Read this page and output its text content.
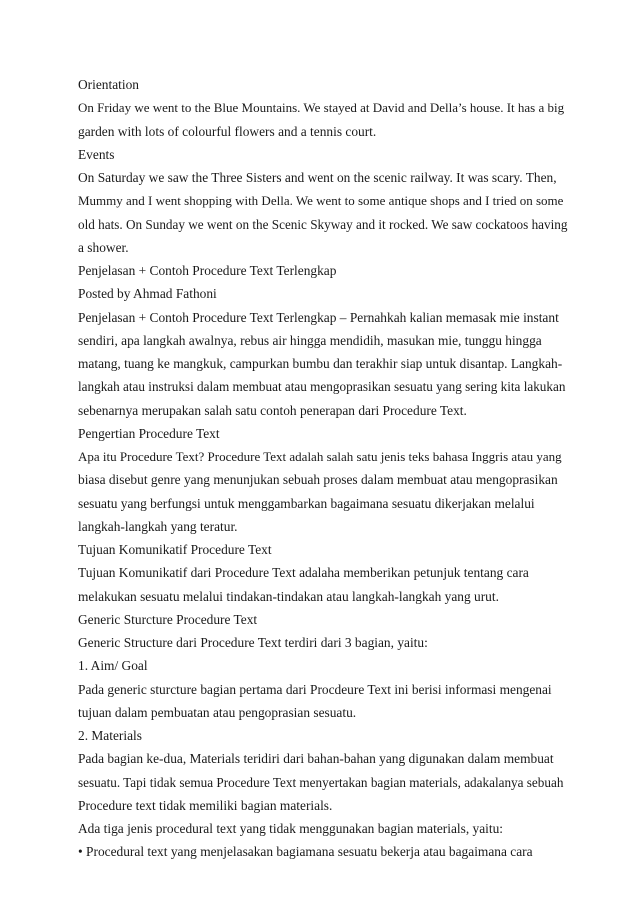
Orientation
On Friday we went to the Blue Mountains. We stayed at David and Della’s house. It has a big
garden with lots of colourful flowers and a tennis court.
Events
On Saturday we saw the Three Sisters and went on the scenic railway. It was scary. Then,
Mummy and I went shopping with Della. We went to some antique shops and I tried on some
old hats. On Sunday we went on the Scenic Skyway and it rocked. We saw cockatoos having
a shower.
Penjelasan + Contoh Procedure Text Terlengkap
Posted by Ahmad Fathoni
Penjelasan + Contoh Procedure Text Terlengkap – Pernahkah kalian memasak mie instant
sendiri, apa langkah awalnya, rebus air hingga mendidih, masukan mie, tunggu hingga
matang, tuang ke mangkuk, campurkan bumbu dan terakhir siap untuk disantap. Langkah-
langkah atau instruksi dalam membuat atau mengoprasikan sesuatu yang sering kita lakukan
sebenarnya merupakan salah satu contoh penerapan dari Procedure Text.
Pengertian Procedure Text
Apa itu Procedure Text? Procedure Text adalah salah satu jenis teks bahasa Inggris atau yang
biasa disebut genre yang menunjukan sebuah proses dalam membuat atau mengoprasikan
sesuatu yang berfungsi untuk menggambarkan bagaimana sesuatu dikerjakan melalui
langkah-langkah yang teratur.
Tujuan Komunikatif Procedure Text
Tujuan Komunikatif dari Procedure Text adalaha memberikan petunjuk tentang cara
melakukan sesuatu melalui tindakan-tindakan atau langkah-langkah yang urut.
Generic Sturcture Procedure Text
Generic Structure dari Procedure Text terdiri dari 3 bagian, yaitu:
1. Aim/ Goal
Pada generic sturcture bagian pertama dari Procdeure Text ini berisi informasi mengenai
tujuan dalam pembuatan atau pengoprasian sesuatu.
2. Materials
Pada bagian ke-dua, Materials teridiri dari bahan-bahan yang digunakan dalam membuat
sesuatu. Tapi tidak semua Procedure Text menyertakan bagian materials, adakalanya sebuah
Procedure text tidak memiliki bagian materials.
Ada tiga jenis procedural text yang tidak menggunakan bagian materials, yaitu:
• Procedural text yang menjelasakan bagiamana sesuatu bekerja atau bagaimana cara
